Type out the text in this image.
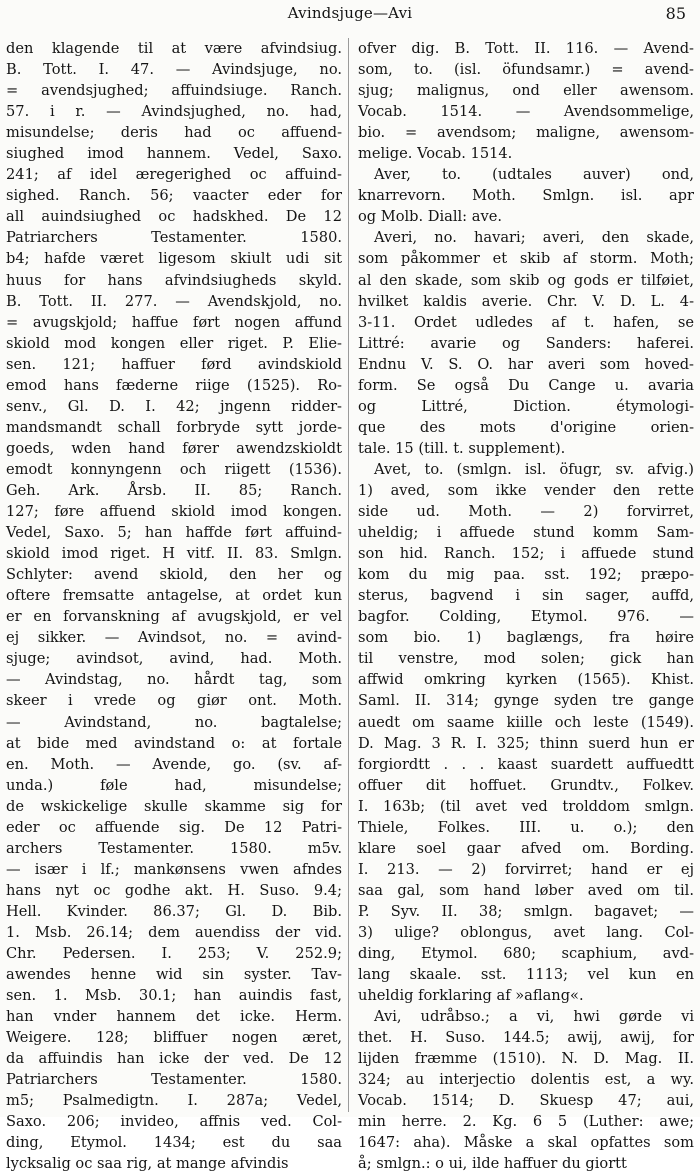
Avindsjuge—Avi	85
den klagende til at være afvindsiug.
B. Tott. I. 47. — Avindsjuge, no.
= avendsjughed; affuindsiuge. Ranch.
57. i r. — Avindsjughed, no. had,
misundelse; deris had oc affuend-
siughed imod hannem. Vedel, Saxo.
241; af idel æregerighed oc affuind-
sighed. Ranch. 56; vaacter eder for
all auindsiughed oc hadskhed. De 12
Patriarchers Testamenter. 1580.
b4; hafde været ligesom skiult udi sit
huus for hans afvindsiugheds skyld.
B. Tott. II. 277. — Avendskjold, no.
= avugskjold; haffue ført nogen affund
skiold mod kongen eller riget. P. Elie-
sen. 121; haffuer førd avindskiold
emod hans fæderne riige (1525). Ro-
senv., Gl. D. I. 42; jngenn ridder-
mandsmandt schall forbryde sytt jorde-
goeds, wden hand fører awendzskioldt
emodt konnyngenn och riigett (1536).
Geh. Ark. Årsb. II. 85; Ranch.
127; føre affuend skiold imod kongen.
Vedel, Saxo. 5; han haffde ført affuind-
skiold imod riget. H vitf. II. 83. Smlgn.
Schlyter: avend skiold, den her og
oftere fremsatte antagelse, at ordet kun
er en forvanskning af avugskjold, er vel
ej sikker. — Avindsot, no. = avind-
sjuge; avindsot, avind, had. Moth.
— Avindstag, no. hårdt tag, som
skeer i vrede og giør ont. Moth.
— Avindstand, no. bagtalelse;
at bide med avindstand o: at fortale
en. Moth. — Avende, go. (sv. af-
unda.) føle had, misundelse;
de wskickelige skulle skamme sig for
eder oc affuende sig. De 12 Patri-
archers Testamenter. 1580. m5v.
— især i lf.; mankønsens vwen afndes
hans nyt oc godhe akt. H. Suso. 9.4;
Hell. Kvinder. 86.37; Gl. D. Bib.
1. Msb. 26.14; dem auendiss der vid.
Chr. Pedersen. I. 253; V. 252.9;
awendes henne wid sin syster. Tav-
sen. 1. Msb. 30.1; han auindis fast,
han vnder hannem det icke. Herm.
Weigere. 128; bliffuer nogen æret,
da affuindis han icke der ved. De 12
Patriarchers Testamenter. 1580.
m5; Psalmedigtn. I. 287a; Vedel,
Saxo. 206; invideo, affnis ved. Col-
ding, Etymol. 1434; est du saa
lycksalig oc saa rig, at mange afvindis
ofver dig. B. Tott. II. 116. — Avend-
som, to. (isl. öfundsamr.) = avend-
sjug; malignus, ond eller awensom.
Vocab. 1514. — Avendsommelige,
bio. = avendsom; maligne, awensom-
melige. Vocab. 1514.
Aver, to. (udtales auver) ond,
knarrevorn. Moth. Smlgn. isl. apr
og Molb. Diall: ave.
Averi, no. havari; averi, den skade,
som påkommer et skib af storm. Moth;
al den skade, som skib og gods er tilføiet,
hvilket kaldis averie. Chr. V. D. L. 4-
3-11. Ordet udledes af t. hafen, se
Littré: avarie og Sanders: haferei.
Endnu V. S. O. har averi som hoved-
form. Se også Du Cange u. avaria
og Littré, Diction. étymologi-
que des mots d'origine orien-
tale. 15 (till. t. supplement).
Avet, to. (smlgn. isl. öfugr, sv. afvig.)
1) aved, som ikke vender den rette
side ud. Moth. — 2) forvirret,
uheldig; i affuede stund komm Sam-
son hid. Ranch. 152; i affuede stund
kom du mig paa. sst. 192; præpo-
sterus, bagvend i sin sager, auffd,
bagfor. Colding, Etymol. 976. —
som bio. 1) baglængs, fra høire
til venstre, mod solen; gick han
affwid omkring kyrken (1565). Khist.
Saml. II. 314; gynge syden tre gange
auedt om saame kiille och leste (1549).
D. Mag. 3 R. I. 325; thinn suerd hun er
forgiordtt . . . kaast suardett auffuedtt
offuer dit hoffuet. Grundtv., Folkev.
I. 163b; (til avet ved trolddom smlgn.
Thiele, Folkes. III. u. o.); den
klare soel gaar afved om. Bording.
I. 213. — 2) forvirret; hand er ej
saa gal, som hand løber aved om til.
P. Syv. II. 38; smlgn. bagavet; —
3) ulige? oblongus, avet lang. Col-
ding, Etymol. 680; scaphium, avd-
lang skaale. sst. 1113; vel kun en
uheldig forklaring af »aflang«.
Avi, udråbso.; a vi, hwi gørde vi
thet. H. Suso. 144.5; awij, awij, for
lijden fræmme (1510). N. D. Mag. II.
324; au interjectio dolentis est, a wy.
Vocab. 1514; D. Skuesp 47; aui,
min herre. 2. Kg. 6 5 (Luther: awe;
1647: aha). Måske a skal opfattes som
å; smlgn.: o ui, ilde haffuer du giortt
